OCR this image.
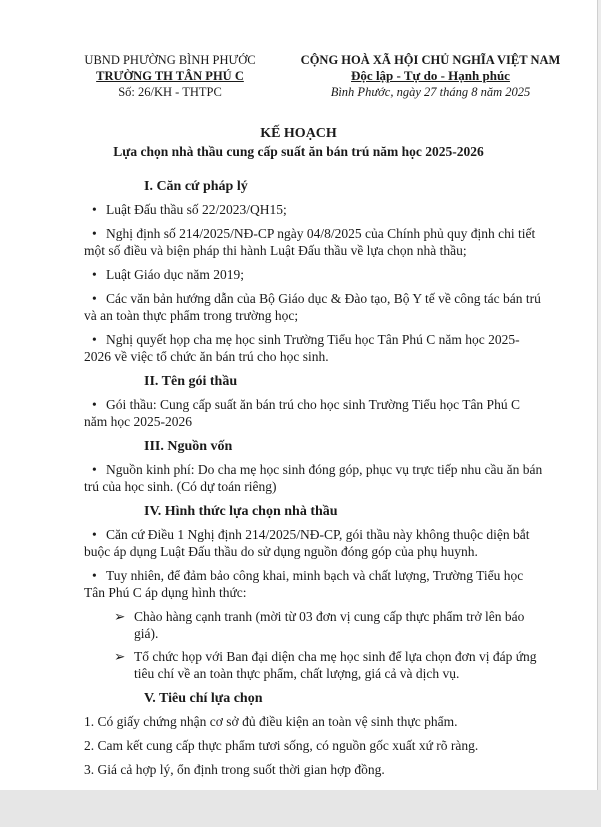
UBND PHƯỜNG BÌNH PHƯỚC
TRƯỜNG TH TÂN PHÚ C
Số: 26/KH - THTPC
CỘNG HOÀ XÃ HỘI CHỦ NGHĨA VIỆT NAM
Độc lập - Tự do - Hạnh phúc
Bình Phước, ngày 27 tháng 8 năm 2025
KẾ HOẠCH
Lựa chọn nhà thầu cung cấp suất ăn bán trú năm học 2025-2026
I. Căn cứ pháp lý

• Luật Đấu thầu số 22/2023/QH15;

• Nghị định số 214/2025/NĐ-CP ngày 04/8/2025 của Chính phủ quy định chi tiết một số điều và biện pháp thi hành Luật Đấu thầu về lựa chọn nhà thầu;

• Luật Giáo dục năm 2019;

• Các văn bản hướng dẫn của Bộ Giáo dục & Đào tạo, Bộ Y tế về công tác bán trú và an toàn thực phẩm trong trường học;

• Nghị quyết họp cha mẹ học sinh Trường Tiểu học Tân Phú C năm học 2025-2026 về việc tổ chức ăn bán trú cho học sinh.

II. Tên gói thầu

• Gói thầu: Cung cấp suất ăn bán trú cho học sinh Trường Tiểu học Tân Phú C năm học 2025-2026

III. Nguồn vốn

• Nguồn kinh phí: Do cha mẹ học sinh đóng góp, phục vụ trực tiếp nhu cầu ăn bán trú của học sinh. (Có dự toán riêng)

IV. Hình thức lựa chọn nhà thầu

• Căn cứ Điều 1 Nghị định 214/2025/NĐ-CP, gói thầu này không thuộc diện bắt buộc áp dụng Luật Đấu thầu do sử dụng nguồn đóng góp của phụ huynh.

• Tuy nhiên, để đảm bảo công khai, minh bạch và chất lượng, Trường Tiểu học Tân Phú C áp dụng hình thức:

➢ Chào hàng cạnh tranh (mời từ 03 đơn vị cung cấp thực phẩm trở lên báo giá).

➢ Tổ chức họp với Ban đại diện cha mẹ học sinh để lựa chọn đơn vị đáp ứng tiêu chí về an toàn thực phẩm, chất lượng, giá cả và dịch vụ.

V. Tiêu chí lựa chọn

1. Có giấy chứng nhận cơ sở đủ điều kiện an toàn vệ sinh thực phẩm.

2. Cam kết cung cấp thực phẩm tươi sống, có nguồn gốc xuất xứ rõ ràng.

3. Giá cả hợp lý, ổn định trong suốt thời gian hợp đồng.
